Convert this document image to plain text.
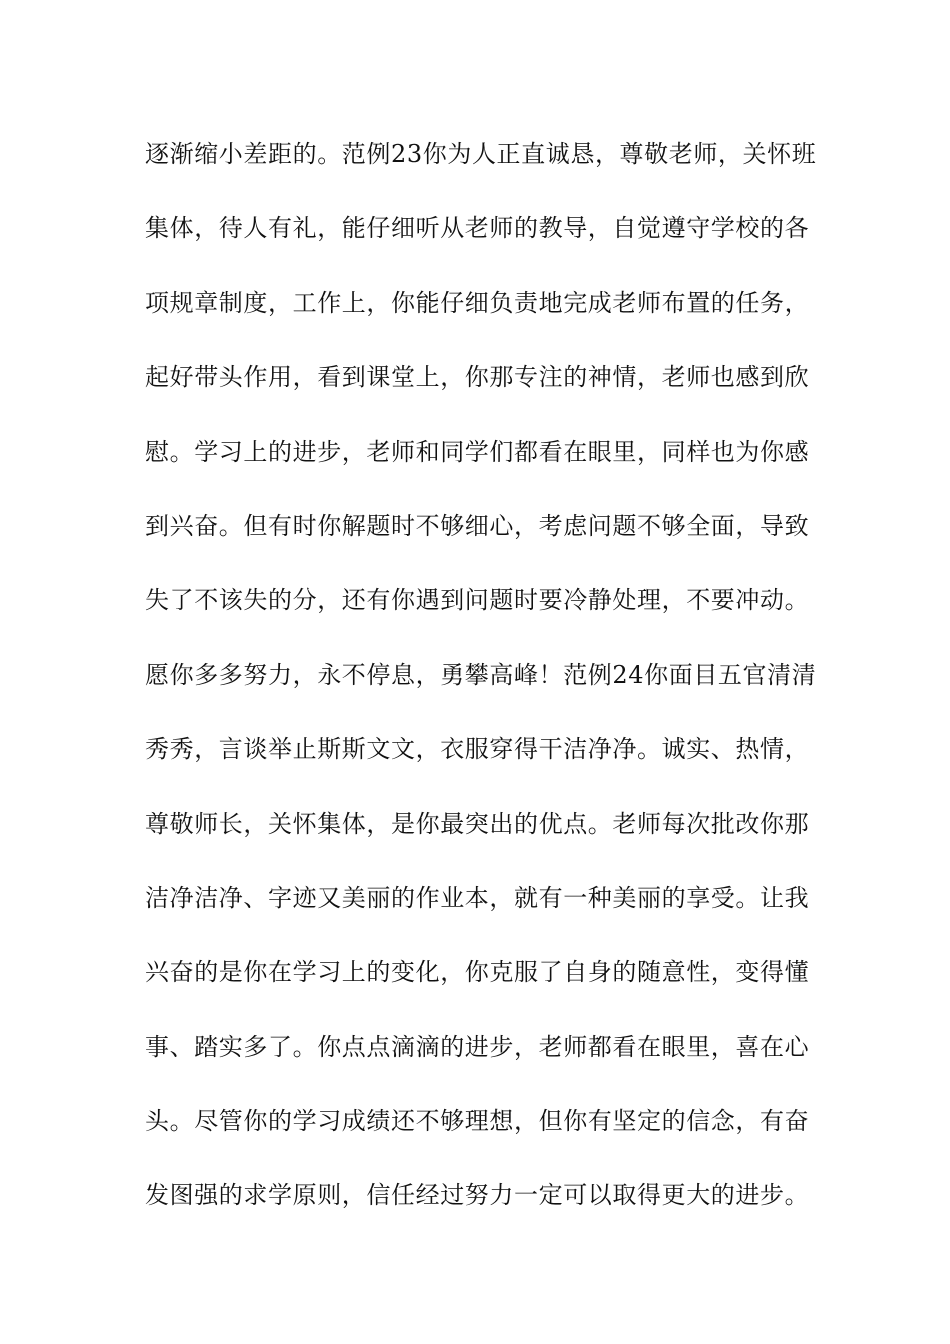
逐渐缩小差距的。范例23你为人正直诚恳，尊敬老师，关怀班
集体，待人有礼，能仔细听从老师的教导，自觉遵守学校的各
项规章制度，工作上，你能仔细负责地完成老师布置的任务，
起好带头作用，看到课堂上，你那专注的神情，老师也感到欣
慰。学习上的进步，老师和同学们都看在眼里，同样也为你感
到兴奋。但有时你解题时不够细心，考虑问题不够全面，导致
失了不该失的分，还有你遇到问题时要冷静处理，不要冲动。
愿你多多努力，永不停息，勇攀高峰！范例24你面目五官清清
秀秀，言谈举止斯斯文文，衣服穿得干洁净净。诚实、热情，
尊敬师长，关怀集体，是你最突出的优点。老师每次批改你那
洁净洁净、字迹又美丽的作业本，就有一种美丽的享受。让我
兴奋的是你在学习上的变化，你克服了自身的随意性，变得懂
事、踏实多了。你点点滴滴的进步，老师都看在眼里，喜在心
头。尽管你的学习成绩还不够理想，但你有坚定的信念，有奋
发图强的求学原则，信任经过努力一定可以取得更大的进步。
